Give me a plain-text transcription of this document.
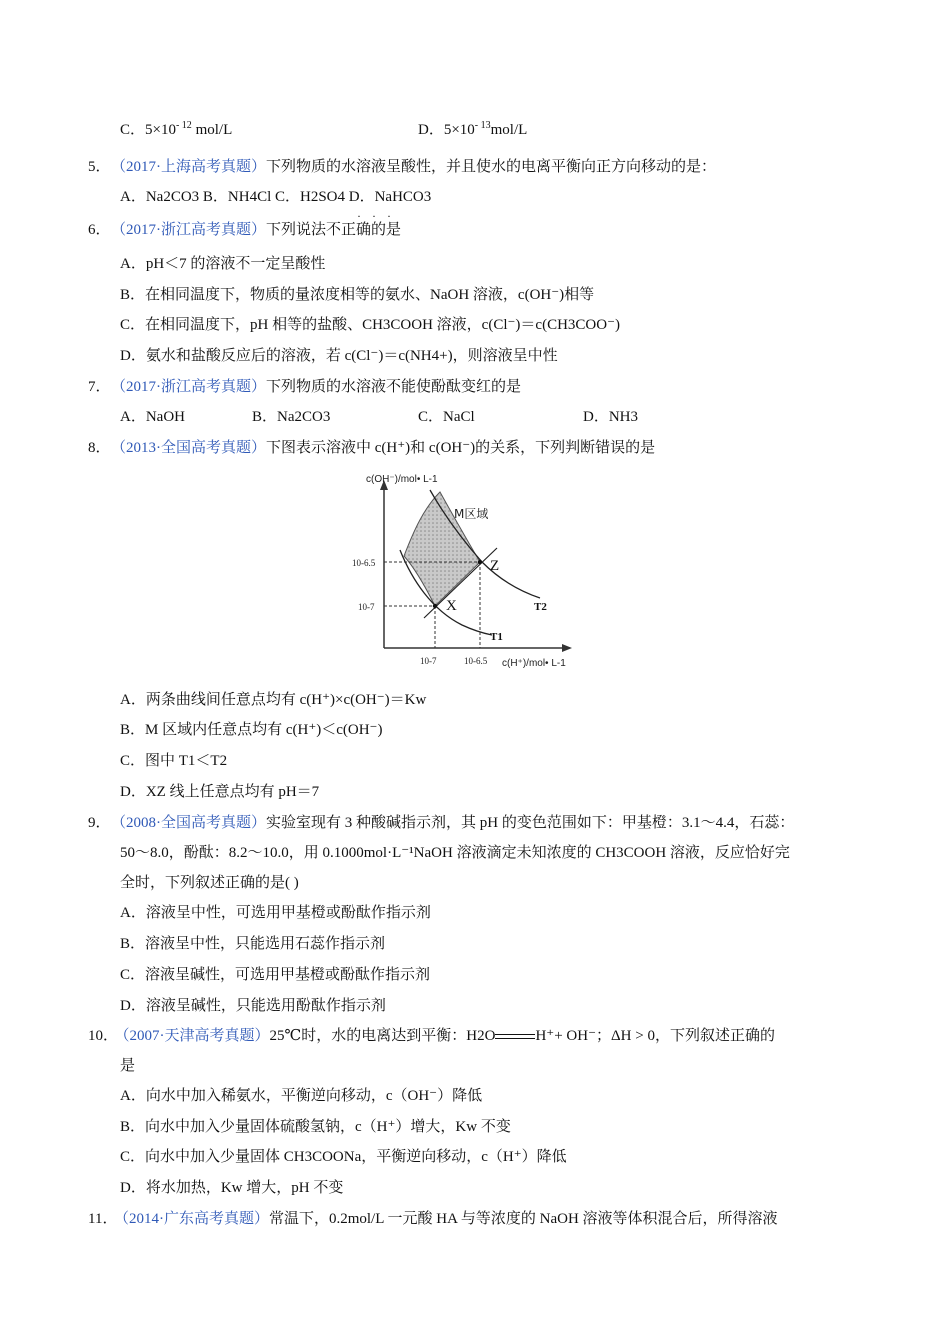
C．$5\times 10^{- 12}$ mol/L	D．$5\times 10^{- 13}mol/L$
5． （2017·上海高考真题）下列物质的水溶液呈酸性，并且使水的电离平衡向正方向移动的是：
A．Na2CO3 B．NH4Cl C．H2SO4 D．NaHCO3
6． （2017·浙江高考真题）下列说法不正确的是
· · ·
A．pH＜7 的溶液不一定呈酸性
B．在相同温度下，物质的量浓度相等的氨水、NaOH 溶液，c(OH⁻)相等
C．在相同温度下，pH 相等的盐酸、CH3COOH 溶液，c(Cl⁻)＝c(CH3COO⁻)
D．氨水和盐酸反应后的溶液，若 c(Cl⁻)＝c(NH4+)，则溶液呈中性
7． （2017·浙江高考真题）下列物质的水溶液不能使酚酞变红的是
A．NaOH	B．Na2CO3	C．NaCl	D．NH3
8． （2013·全国高考真题）下图表示溶液中 c(H⁺)和 c(OH⁻)的关系，下列判断错误的是
c(OH⁻)/mol• L-1
c(H⁺)/mol• L-1
M区域
X
Z
T1
T2
10-6.5
10-7
10-7	10-6.5
A．两条曲线间任意点均有 c(H⁺)×c(OH⁻)＝Kw
B．M 区域内任意点均有 c(H⁺)＜c(OH⁻)
C．图中 T1＜T2
D．XZ 线上任意点均有 pH＝7
9． （2008·全国高考真题）实验室现有 3 种酸碱指示剂，其 pH 的变色范围如下：甲基橙：3.1～4.4，石蕊：
50～8.0，酚酞：8.2～10.0，用 0.1000mol·L⁻¹NaOH 溶液滴定未知浓度的 CH3COOH 溶液，反应恰好完
全时，下列叙述正确的是( )
A．溶液呈中性，可选用甲基橙或酚酞作指示剂
B．溶液呈中性，只能选用石蕊作指示剂
C．溶液呈碱性，可选用甲基橙或酚酞作指示剂
D．溶液呈碱性，只能选用酚酞作指示剂
10． （2007·天津高考真题）25℃时，水的电离达到平衡：H2O	H⁺+ OH⁻；ΔH > 0，下列叙述正确的
是
A．向水中加入稀氨水，平衡逆向移动，c（OH⁻）降低
B．向水中加入少量固体硫酸氢钠，c（H⁺）增大，Kw 不变
C．向水中加入少量固体 CH3COONa，平衡逆向移动，c（H⁺）降低
D．将水加热，Kw 增大，pH 不变
11． （2014·广东高考真题）常温下，0.2mol/L 一元酸 HA 与等浓度的 NaOH 溶液等体积混合后，所得溶液
